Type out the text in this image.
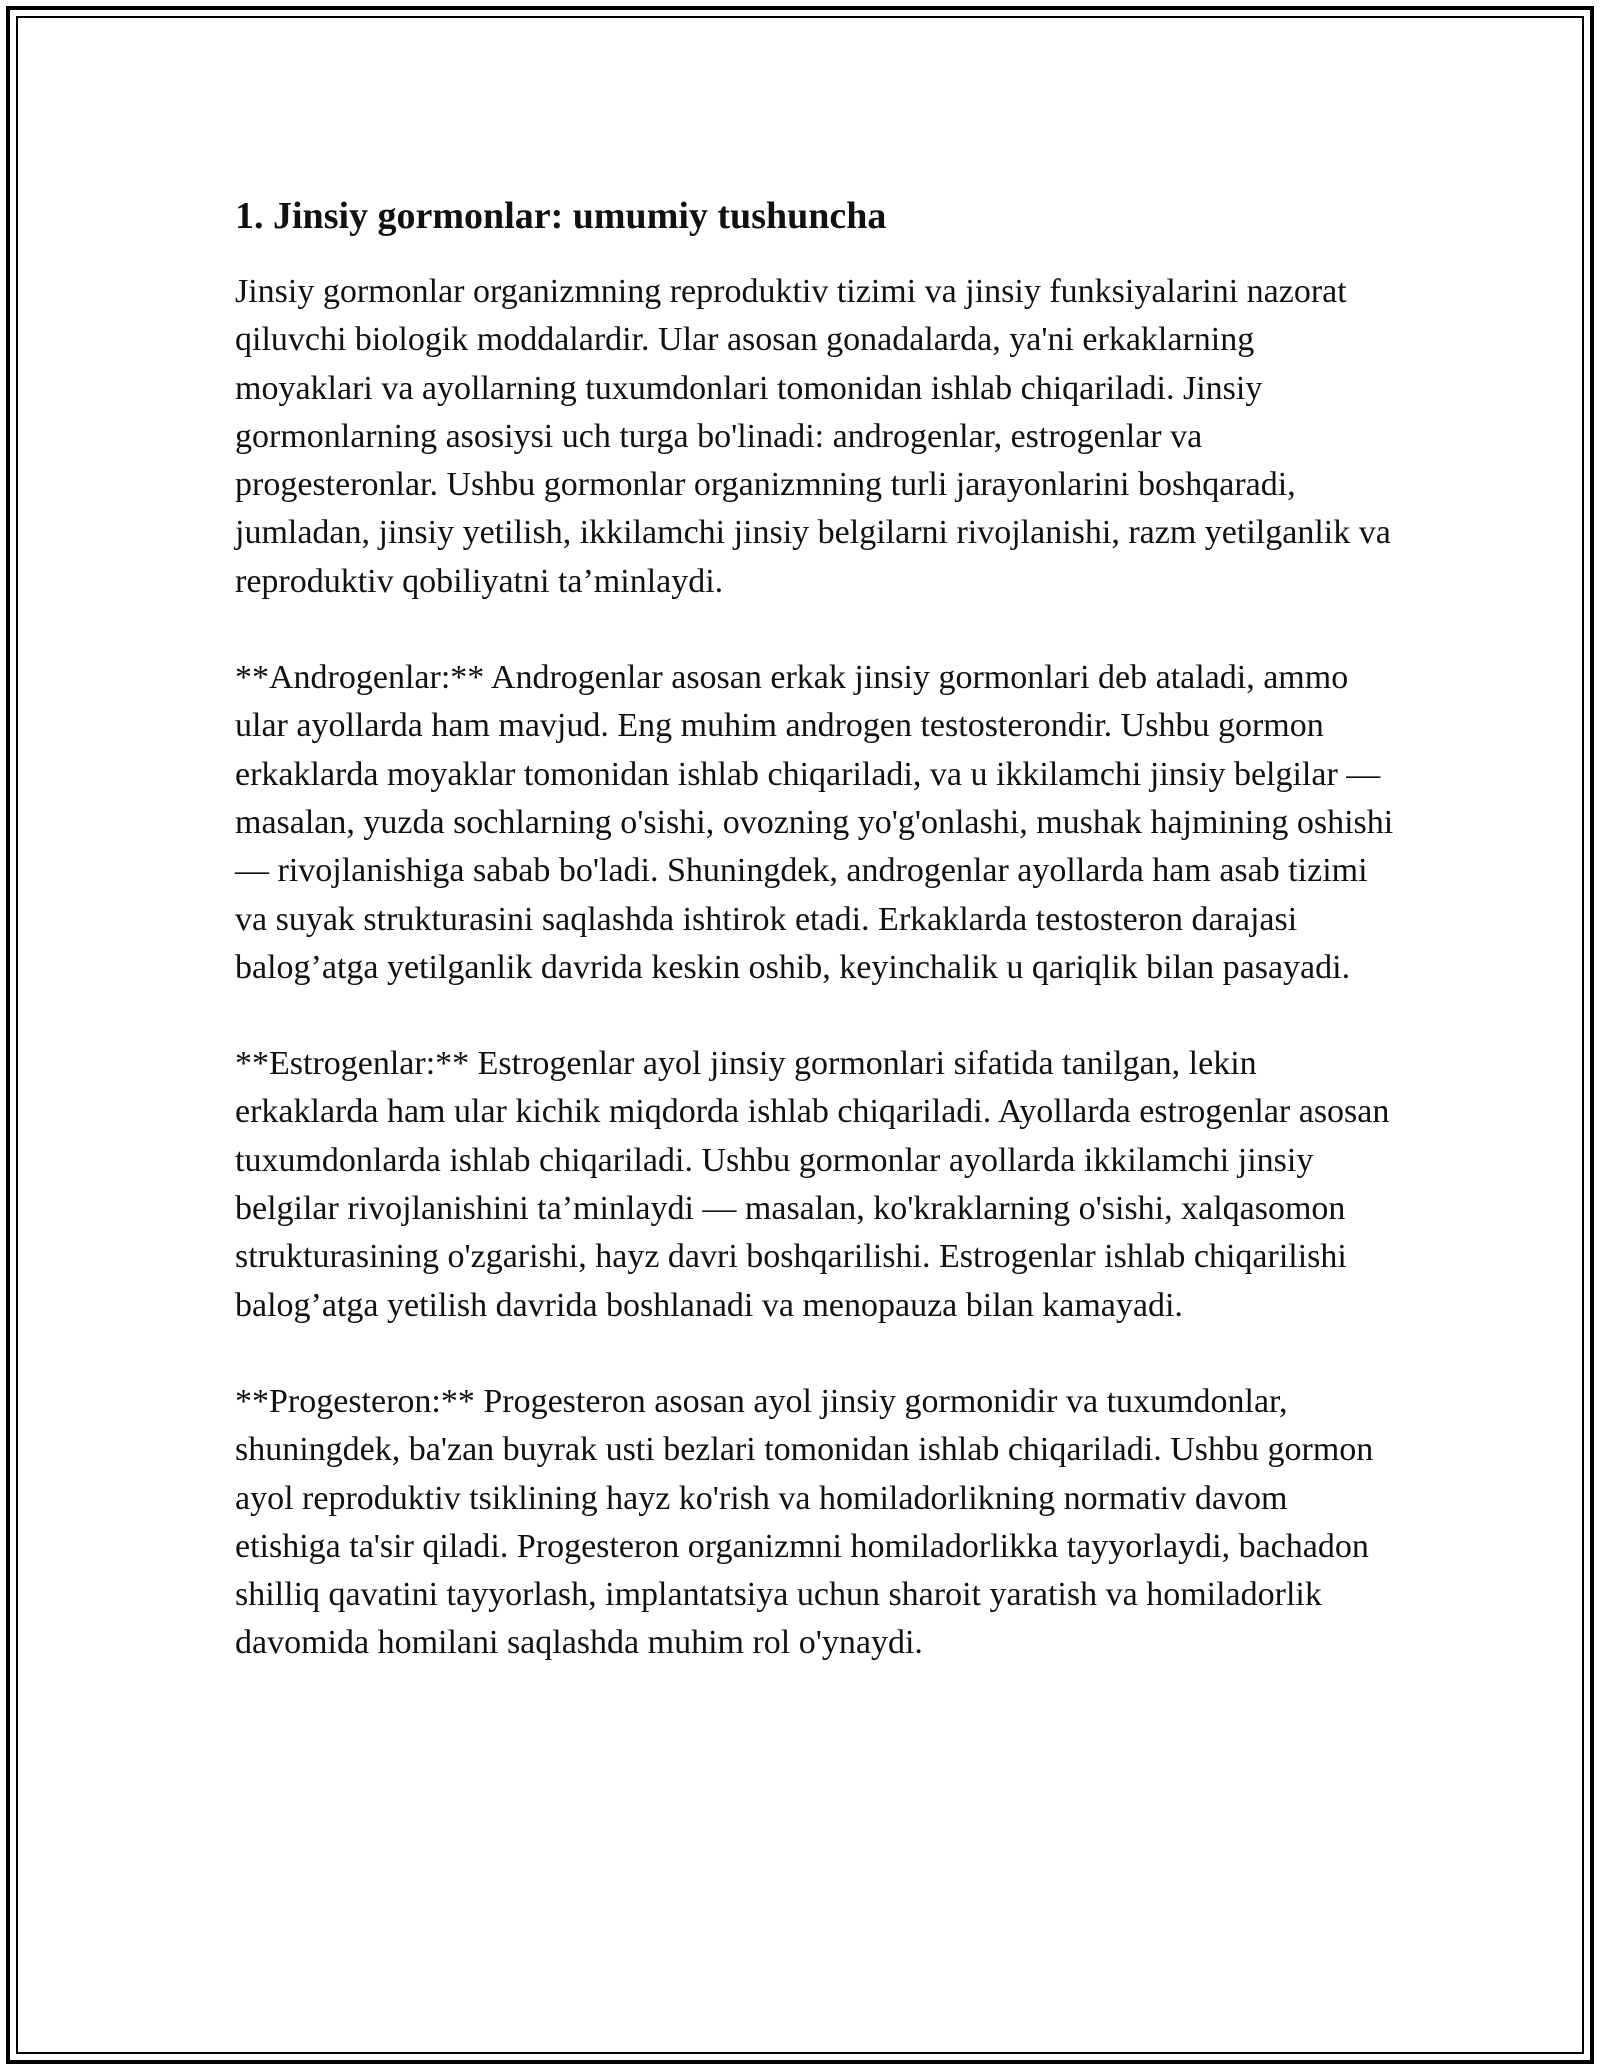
1. Jinsiy gormonlar: umumiy tushuncha

Jinsiy gormonlar organizmning reproduktiv tizimi va jinsiy funksiyalarini nazorat qiluvchi biologik moddalardir. Ular asosan gonadalarda, ya'ni erkaklarning moyaklari va ayollarning tuxumdonlari tomonidan ishlab chiqariladi. Jinsiy gormonlarning asosiysi uch turga bo'linadi: androgenlar, estrogenlar va progesteronlar. Ushbu gormonlar organizmning turli jarayonlarini boshqaradi, jumladan, jinsiy yetilish, ikkilamchi jinsiy belgilarni rivojlanishi, razm yetilganlik va reproduktiv qobiliyatni ta’minlaydi.

**Androgenlar:** Androgenlar asosan erkak jinsiy gormonlari deb ataladi, ammo ular ayollarda ham mavjud. Eng muhim androgen testosterondir. Ushbu gormon erkaklarda moyaklar tomonidan ishlab chiqariladi, va u ikkilamchi jinsiy belgilar — masalan, yuzda sochlarning o'sishi, ovozning yo'g'onlashi, mushak hajmining oshishi — rivojlanishiga sabab bo'ladi. Shuningdek, androgenlar ayollarda ham asab tizimi va suyak strukturasini saqlashda ishtirok etadi. Erkaklarda testosteron darajasi balog’atga yetilganlik davrida keskin oshib, keyinchalik u qariqlik bilan pasayadi.

**Estrogenlar:** Estrogenlar ayol jinsiy gormonlari sifatida tanilgan, lekin erkaklarda ham ular kichik miqdorda ishlab chiqariladi. Ayollarda estrogenlar asosan tuxumdonlarda ishlab chiqariladi. Ushbu gormonlar ayollarda ikkilamchi jinsiy belgilar rivojlanishini ta’minlaydi — masalan, ko'kraklarning o'sishi, xalqasomon strukturasining o'zgarishi, hayz davri boshqarilishi. Estrogenlar ishlab chiqarilishi balog’atga yetilish davrida boshlanadi va menopauza bilan kamayadi.

**Progesteron:** Progesteron asosan ayol jinsiy gormonidir va tuxumdonlar, shuningdek, ba'zan buyrak usti bezlari tomonidan ishlab chiqariladi. Ushbu gormon ayol reproduktiv tsiklining hayz ko'rish va homiladorlikning normativ davom etishiga ta'sir qiladi. Progesteron organizmni homiladorlikka tayyorlaydi, bachadon shilliq qavatini tayyorlash, implantatsiya uchun sharoit yaratish va homiladorlik davomida homilani saqlashda muhim rol o'ynaydi.
